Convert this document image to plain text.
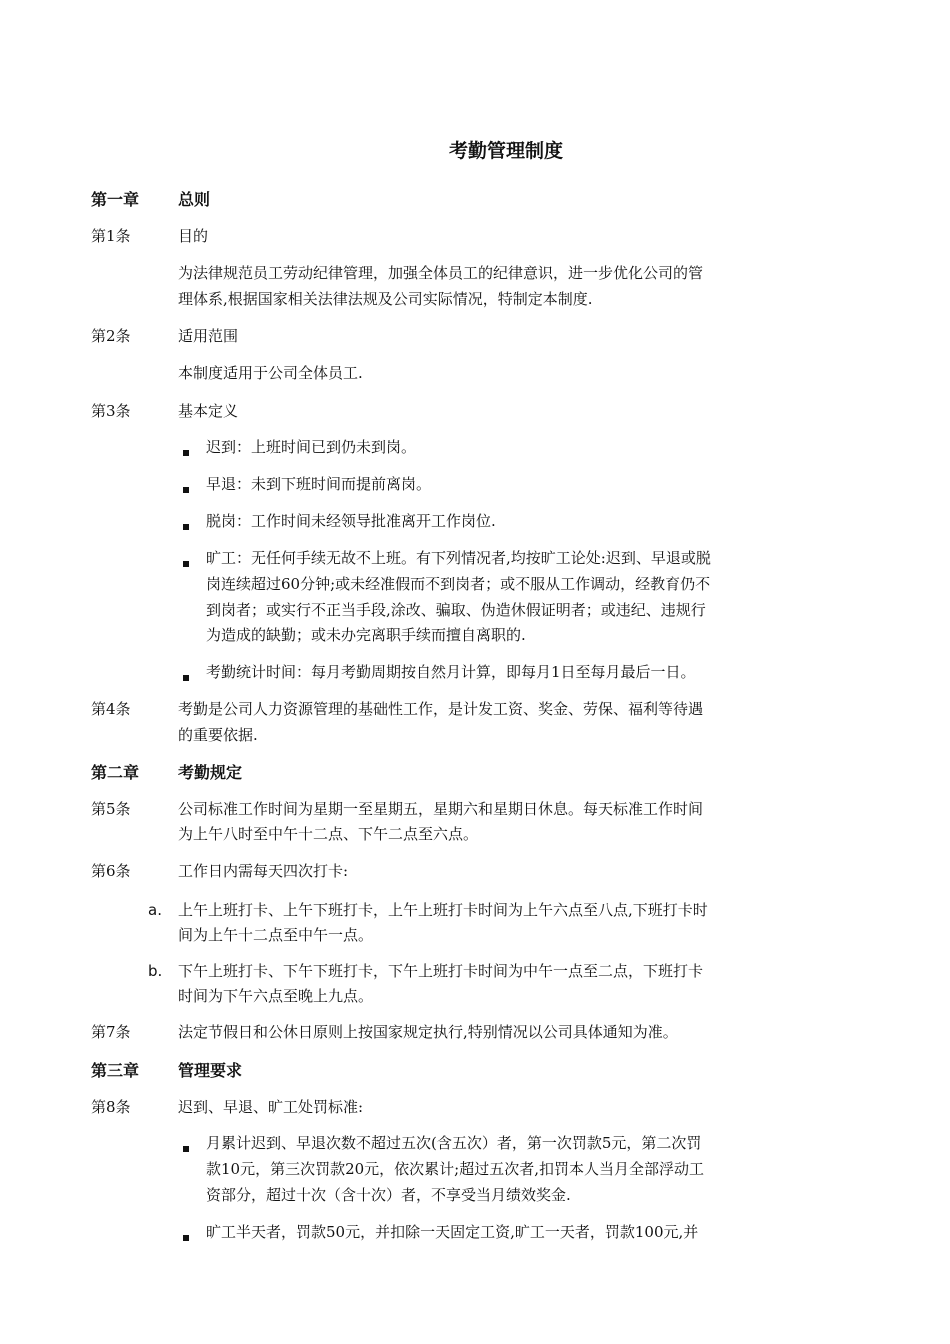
考勤管理制度
第一章 总则
第1条	目的
为法律规范员工劳动纪律管理，加强全体员工的纪律意识，进一步优化公司的管
理体系,根据国家相关法律法规及公司实际情况，特制定本制度.
第2条	适用范围
本制度适用于公司全体员工.
第3条	基本定义
迟到：上班时间已到仍未到岗。
早退：未到下班时间而提前离岗。
脱岗：工作时间未经领导批准离开工作岗位.
旷工：无任何手续无故不上班。有下列情况者,均按旷工论处:迟到、早退或脱
岗连续超过60分钟;或未经准假而不到岗者；或不服从工作调动，经教育仍不
到岗者；或实行不正当手段,涂改、骗取、伪造休假证明者；或违纪、违规行
为造成的缺勤；或未办完离职手续而擅自离职的.
考勤统计时间：每月考勤周期按自然月计算，即每月1日至每月最后一日。
第4条	考勤是公司人力资源管理的基础性工作，是计发工资、奖金、劳保、福利等待遇
的重要依据.
第二章 考勤规定
第5条	公司标准工作时间为星期一至星期五，星期六和星期日休息。每天标准工作时间
为上午八时至中午十二点、下午二点至六点。
第6条	工作日内需每天四次打卡:
a. 上午上班打卡、上午下班打卡，上午上班打卡时间为上午六点至八点,下班打卡时
间为上午十二点至中午一点。
b. 下午上班打卡、下午下班打卡，下午上班打卡时间为中午一点至二点，下班打卡
时间为下午六点至晚上九点。
第7条	法定节假日和公休日原则上按国家规定执行,特别情况以公司具体通知为准。
第三章 管理要求
第8条	迟到、早退、旷工处罚标准:
月累计迟到、早退次数不超过五次(含五次）者，第一次罚款5元，第二次罚
款10元，第三次罚款20元，依次累计;超过五次者,扣罚本人当月全部浮动工
资部分，超过十次（含十次）者，不享受当月绩效奖金.
旷工半天者，罚款50元，并扣除一天固定工资,旷工一天者，罚款100元,并
